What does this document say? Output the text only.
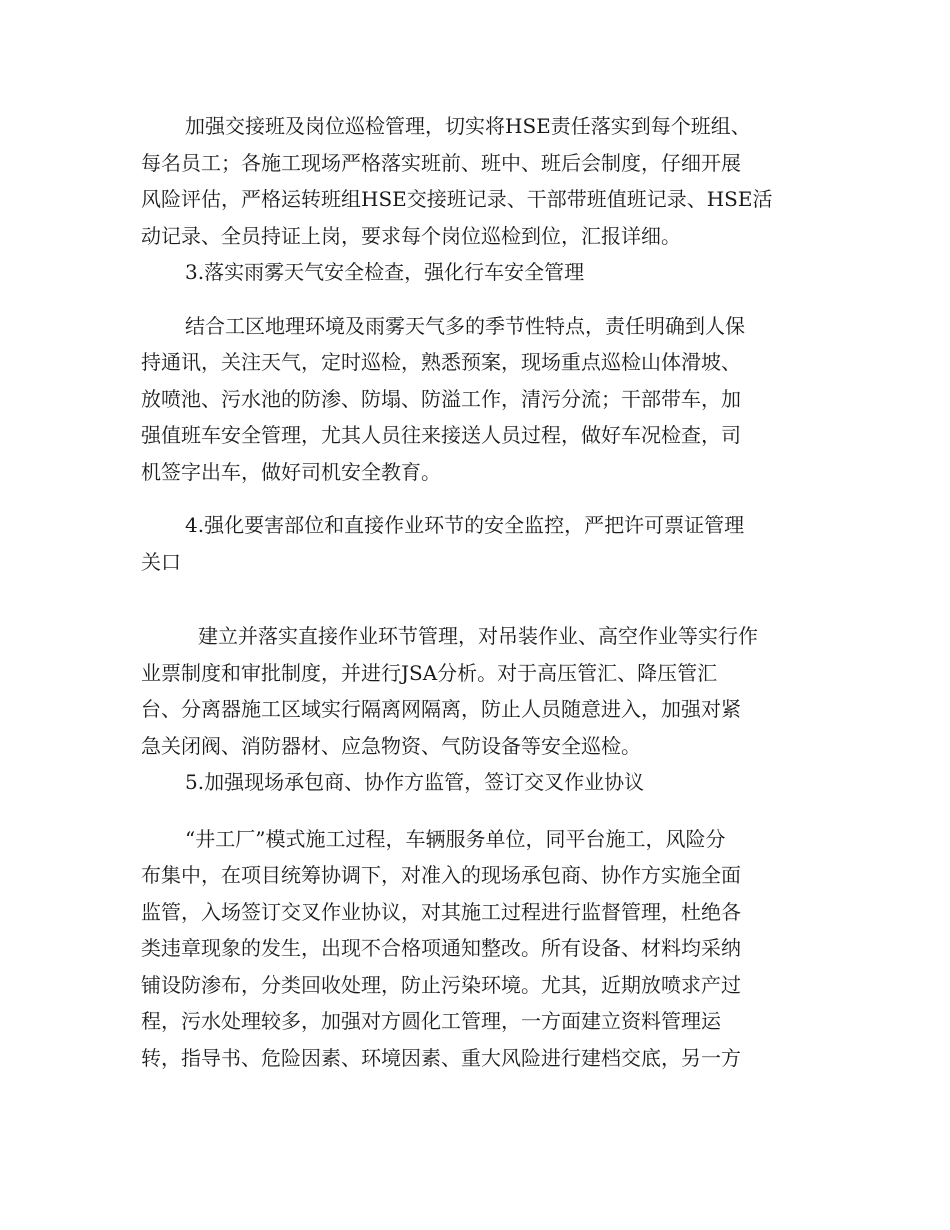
加强交接班及岗位巡检管理，切实将HSE责任落实到每个班组、
每名员工；各施工现场严格落实班前、班中、班后会制度，仔细开展
风险评估，严格运转班组HSE交接班记录、干部带班值班记录、HSE活
动记录、全员持证上岗，要求每个岗位巡检到位，汇报详细。
3.落实雨雾天气安全检查，强化行车安全管理
结合工区地理环境及雨雾天气多的季节性特点，责任明确到人保
持通讯，关注天气，定时巡检，熟悉预案，现场重点巡检山体滑坡、
放喷池、污水池的防渗、防塌、防溢工作，清污分流；干部带车，加
强值班车安全管理，尤其人员往来接送人员过程，做好车况检查，司
机签字出车，做好司机安全教育。
4.强化要害部位和直接作业环节的安全监控，严把许可票证管理
关口
建立并落实直接作业环节管理，对吊装作业、高空作业等实行作
业票制度和审批制度，并进行JSA分析。对于高压管汇、降压管汇
台、分离器施工区域实行隔离网隔离，防止人员随意进入，加强对紧
急关闭阀、消防器材、应急物资、气防设备等安全巡检。
5.加强现场承包商、协作方监管，签订交叉作业协议
“井工厂”模式施工过程，车辆服务单位，同平台施工，风险分
布集中，在项目统筹协调下，对准入的现场承包商、协作方实施全面
监管，入场签订交叉作业协议，对其施工过程进行监督管理，杜绝各
类违章现象的发生，出现不合格项通知整改。所有设备、材料均采纳
铺设防渗布，分类回收处理，防止污染环境。尤其，近期放喷求产过
程，污水处理较多，加强对方圆化工管理，一方面建立资料管理运
转，指导书、危险因素、环境因素、重大风险进行建档交底，另一方
